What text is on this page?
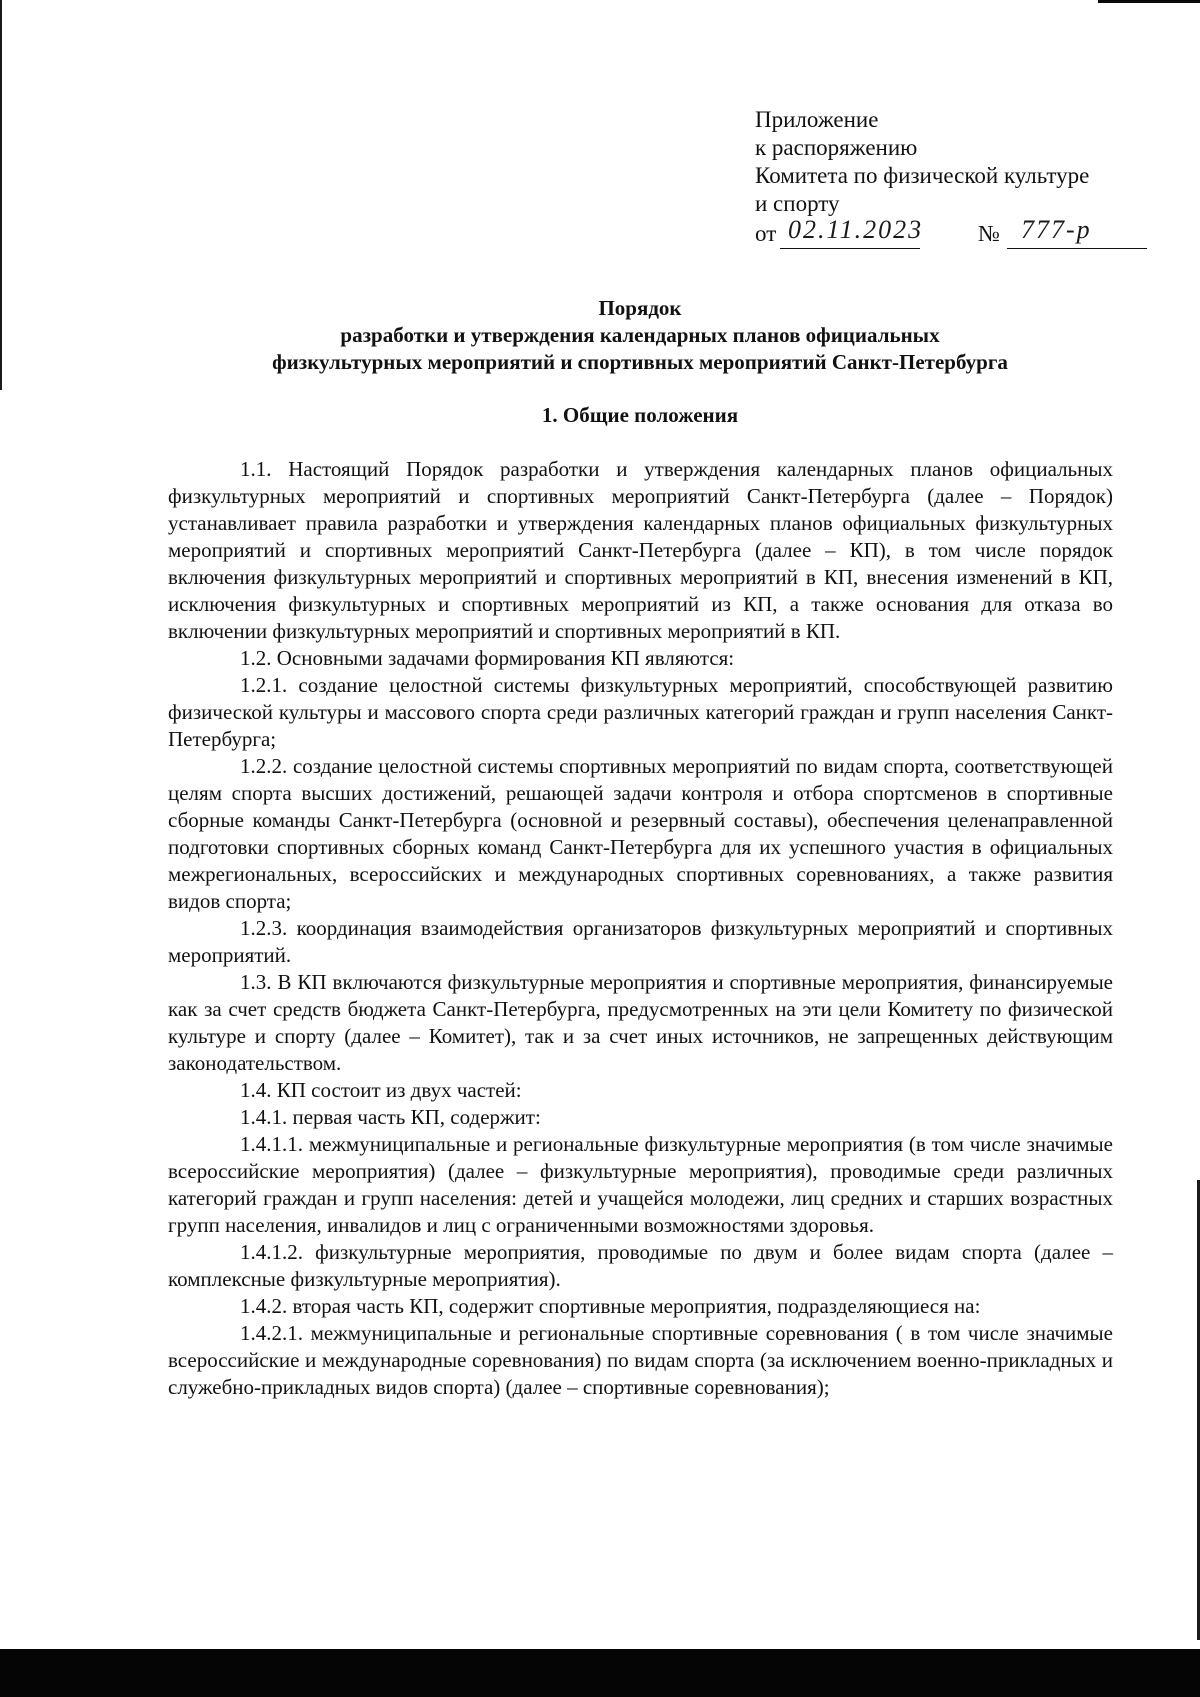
Приложение
к распоряжению
Комитета по физической культуре
и спорту
от 02.11.2023 № 777-р
Порядок
разработки и утверждения календарных планов официальных
физкультурных мероприятий и спортивных мероприятий Санкт-Петербурга
1. Общие положения

1.1. Настоящий Порядок разработки и утверждения календарных планов официальных физкультурных мероприятий и спортивных мероприятий Санкт-Петербурга (далее – Порядок) устанавливает правила разработки и утверждения календарных планов официальных физкультурных мероприятий и спортивных мероприятий Санкт-Петербурга (далее – КП), в том числе порядок включения физкультурных мероприятий и спортивных мероприятий в КП, внесения изменений в КП, исключения физкультурных и спортивных мероприятий из КП, а также основания для отказа во включении физкультурных мероприятий и спортивных мероприятий в КП.

1.2. Основными задачами формирования КП являются:

1.2.1. создание целостной системы физкультурных мероприятий, способствующей развитию физической культуры и массового спорта среди различных категорий граждан и групп населения Санкт-Петербурга;

1.2.2. создание целостной системы спортивных мероприятий по видам спорта, соответствующей целям спорта высших достижений, решающей задачи контроля и отбора спортсменов в спортивные сборные команды Санкт-Петербурга (основной и резервный составы), обеспечения целенаправленной подготовки спортивных сборных команд Санкт-Петербурга для их успешного участия в официальных межрегиональных, всероссийских и международных спортивных соревнованиях, а также развития видов спорта;

1.2.3. координация взаимодействия организаторов физкультурных мероприятий и спортивных мероприятий.

1.3. В КП включаются физкультурные мероприятия и спортивные мероприятия, финансируемые как за счет средств бюджета Санкт-Петербурга, предусмотренных на эти цели Комитету по физической культуре и спорту (далее – Комитет), так и за счет иных источников, не запрещенных действующим законодательством.

1.4. КП состоит из двух частей:

1.4.1. первая часть КП, содержит:

1.4.1.1. межмуниципальные и региональные физкультурные мероприятия (в том числе значимые всероссийские мероприятия) (далее – физкультурные мероприятия), проводимые среди различных категорий граждан и групп населения: детей и учащейся молодежи, лиц средних и старших возрастных групп населения, инвалидов и лиц с ограниченными возможностями здоровья.

1.4.1.2. физкультурные мероприятия, проводимые по двум и более видам спорта (далее – комплексные физкультурные мероприятия).

1.4.2. вторая часть КП, содержит спортивные мероприятия, подразделяющиеся на:

1.4.2.1. межмуниципальные и региональные спортивные соревнования ( в том числе значимые всероссийские и международные соревнования) по видам спорта (за исключением военно-прикладных и служебно-прикладных видов спорта) (далее – спортивные соревнования);
